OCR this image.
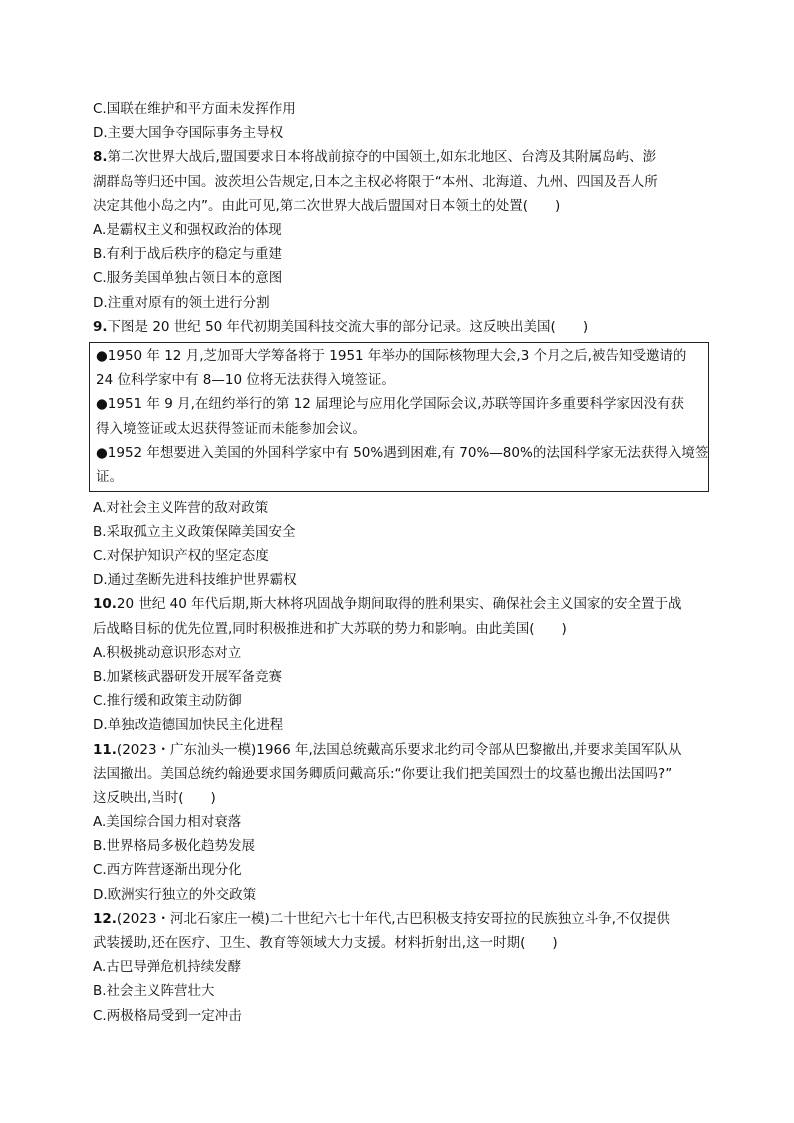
C.国联在维护和平方面未发挥作用
D.主要大国争夺国际事务主导权
8.第二次世界大战后,盟国要求日本将战前掠夺的中国领土,如东北地区、台湾及其附属岛屿、澎
湖群岛等归还中国。波茨坦公告规定,日本之主权必将限于“本州、北海道、九州、四国及吾人所
决定其他小岛之内”。由此可见,第二次世界大战后盟国对日本领土的处置(　　)
A.是霸权主义和强权政治的体现
B.有利于战后秩序的稳定与重建
C.服务美国单独占领日本的意图
D.注重对原有的领土进行分割
9.下图是 20 世纪 50 年代初期美国科技交流大事的部分记录。这反映出美国(　　)
●1950 年 12 月,芝加哥大学筹备将于 1951 年举办的国际核物理大会,3 个月之后,被告知受邀请的
24 位科学家中有 8—10 位将无法获得入境签证。
●1951 年 9 月,在纽约举行的第 12 届理论与应用化学国际会议,苏联等国许多重要科学家因没有获
得入境签证或太迟获得签证而未能参加会议。
●1952 年想要进入美国的外国科学家中有 50%遇到困难,有 70%—80%的法国科学家无法获得入境签
证。
A.对社会主义阵营的敌对政策
B.采取孤立主义政策保障美国安全
C.对保护知识产权的坚定态度
D.通过垄断先进科技维护世界霸权
10.20 世纪 40 年代后期,斯大林将巩固战争期间取得的胜利果实、确保社会主义国家的安全置于战
后战略目标的优先位置,同时积极推进和扩大苏联的势力和影响。由此美国(　　)
A.积极挑动意识形态对立
B.加紧核武器研发开展军备竞赛
C.推行缓和政策主动防御
D.单独改造德国加快民主化进程
11.(2023・广东汕头一模)1966 年,法国总统戴高乐要求北约司令部从巴黎撤出,并要求美国军队从
法国撤出。美国总统约翰逊要求国务卿质问戴高乐:“你要让我们把美国烈士的坟墓也搬出法国吗?”
这反映出,当时(　　)
A.美国综合国力相对衰落
B.世界格局多极化趋势发展
C.西方阵营逐渐出现分化
D.欧洲实行独立的外交政策
12.(2023・河北石家庄一模)二十世纪六七十年代,古巴积极支持安哥拉的民族独立斗争,不仅提供
武装援助,还在医疗、卫生、教育等领域大力支援。材料折射出,这一时期(　　)
A.古巴导弹危机持续发酵
B.社会主义阵营壮大
C.两极格局受到一定冲击
